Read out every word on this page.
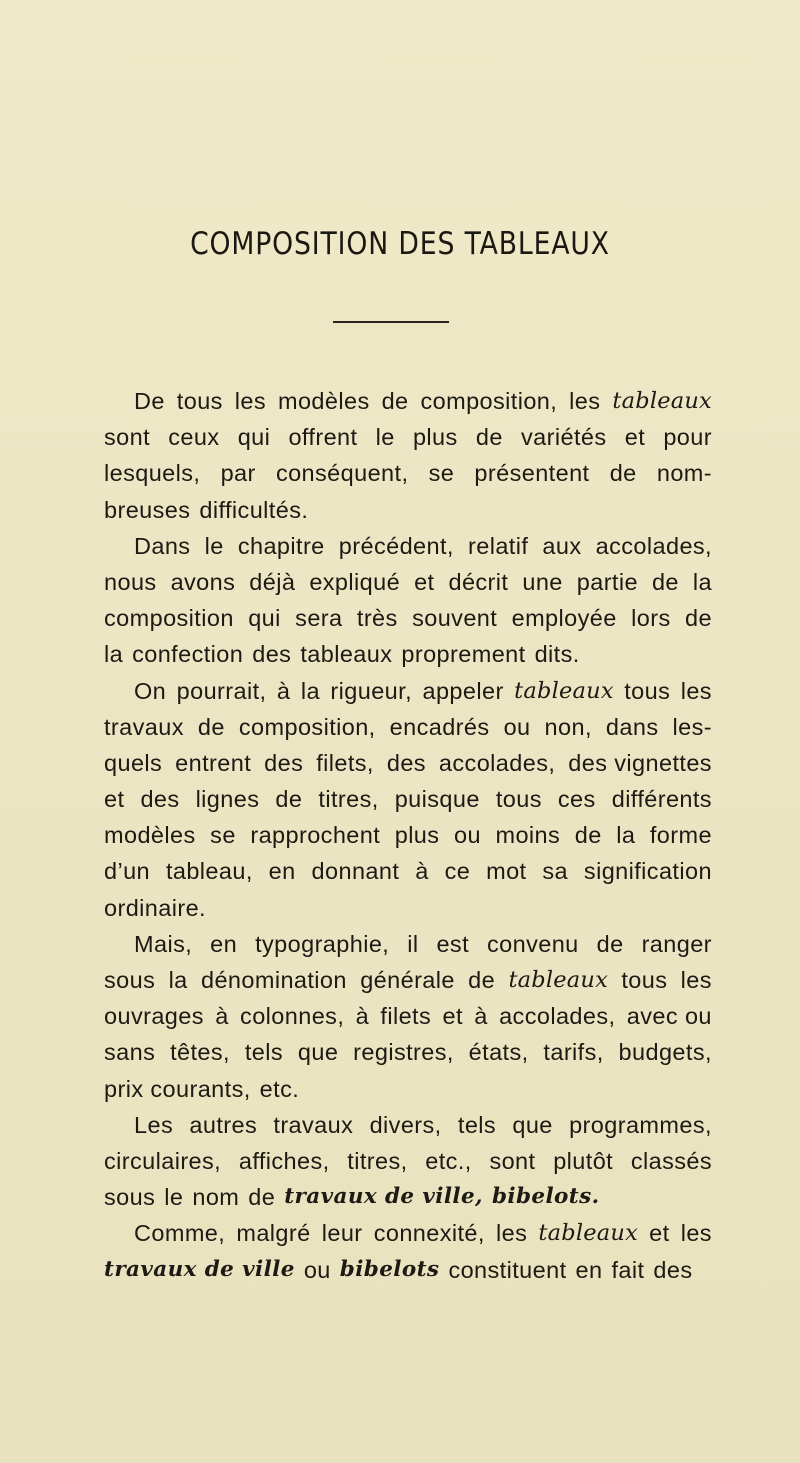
COMPOSITION DES TABLEAUX
De tous les modèles de composition, les tableaux
sont ceux qui offrent le plus de variétés et pour
lesquels, par conséquent, se présentent de nom-
breuses difficultés.
Dans le chapitre précédent, relatif aux accolades,
nous avons déjà expliqué et décrit une partie de la
composition qui sera très souvent employée lors de
la confection des tableaux proprement dits.
On pourrait, à la rigueur, appeler tableaux tous les
travaux de composition, encadrés ou non, dans les-
quels entrent des filets, des accolades, des vignettes
et des lignes de titres, puisque tous ces différents
modèles se rapprochent plus ou moins de la forme
d’un tableau, en donnant à ce mot sa signification
ordinaire.
Mais, en typographie, il est convenu de ranger
sous la dénomination générale de tableaux tous les
ouvrages à colonnes, à filets et à accolades, avec ou
sans têtes, tels que registres, états, tarifs, budgets,
prix courants, etc.
Les autres travaux divers, tels que programmes,
circulaires, affiches, titres, etc., sont plutôt classés
sous le nom de travaux de ville, bibelots.
Comme, malgré leur connexité, les tableaux et les
travaux de ville ou bibelots constituent en fait des
